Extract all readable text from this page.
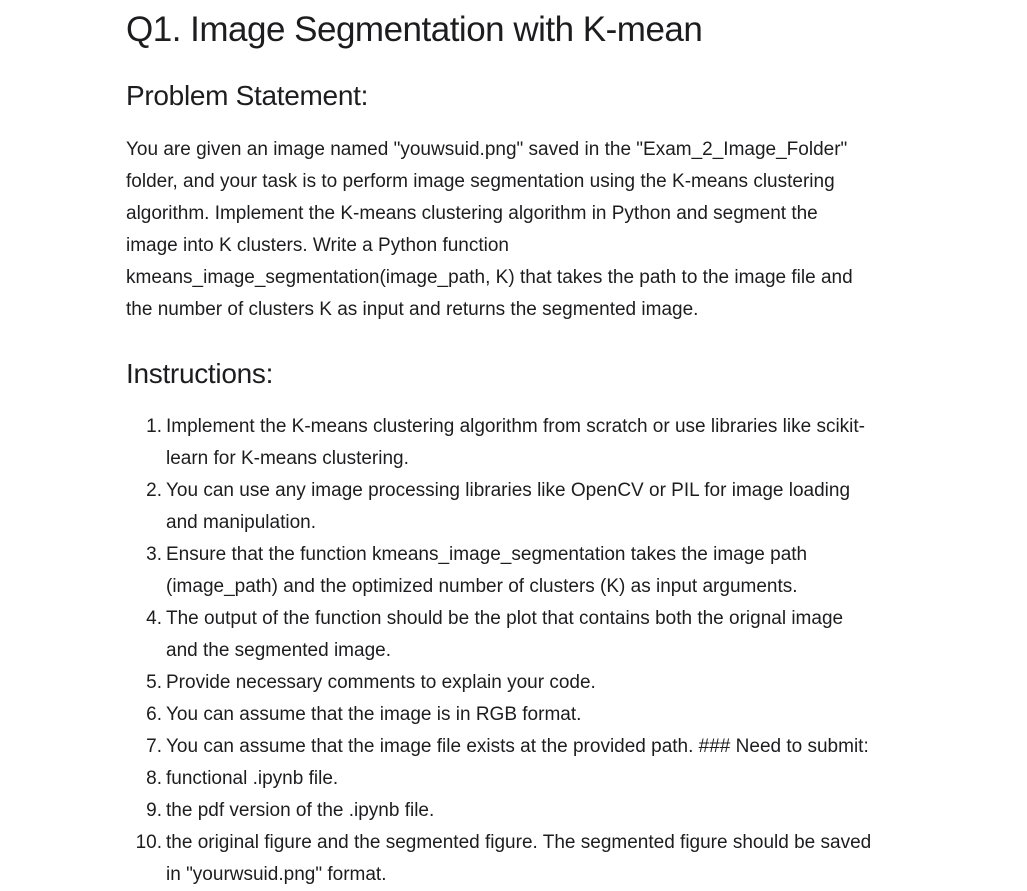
Q1. Image Segmentation with K-mean
Problem Statement:

You are given an image named "youwsuid.png" saved in the "Exam_2_Image_Folder"
folder, and your task is to perform image segmentation using the K-means clustering
algorithm. Implement the K-means clustering algorithm in Python and segment the
image into K clusters. Write a Python function
kmeans_image_segmentation(image_path, K) that takes the path to the image file and
the number of clusters K as input and returns the segmented image.

Instructions:
1. Implement the K-means clustering algorithm from scratch or use libraries like scikit-
learn for K-means clustering.
2. You can use any image processing libraries like OpenCV or PIL for image loading
and manipulation.
3. Ensure that the function kmeans_image_segmentation takes the image path
(image_path) and the optimized number of clusters (K) as input arguments.
4. The output of the function should be the plot that contains both the orignal image
and the segmented image.
5. Provide necessary comments to explain your code.
6. You can assume that the image is in RGB format.
7. You can assume that the image file exists at the provided path. ### Need to submit:
8. functional .ipynb file.
9. the pdf version of the .ipynb file.
10. the original figure and the segmented figure. The segmented figure should be saved
in "yourwsuid.png" format.
